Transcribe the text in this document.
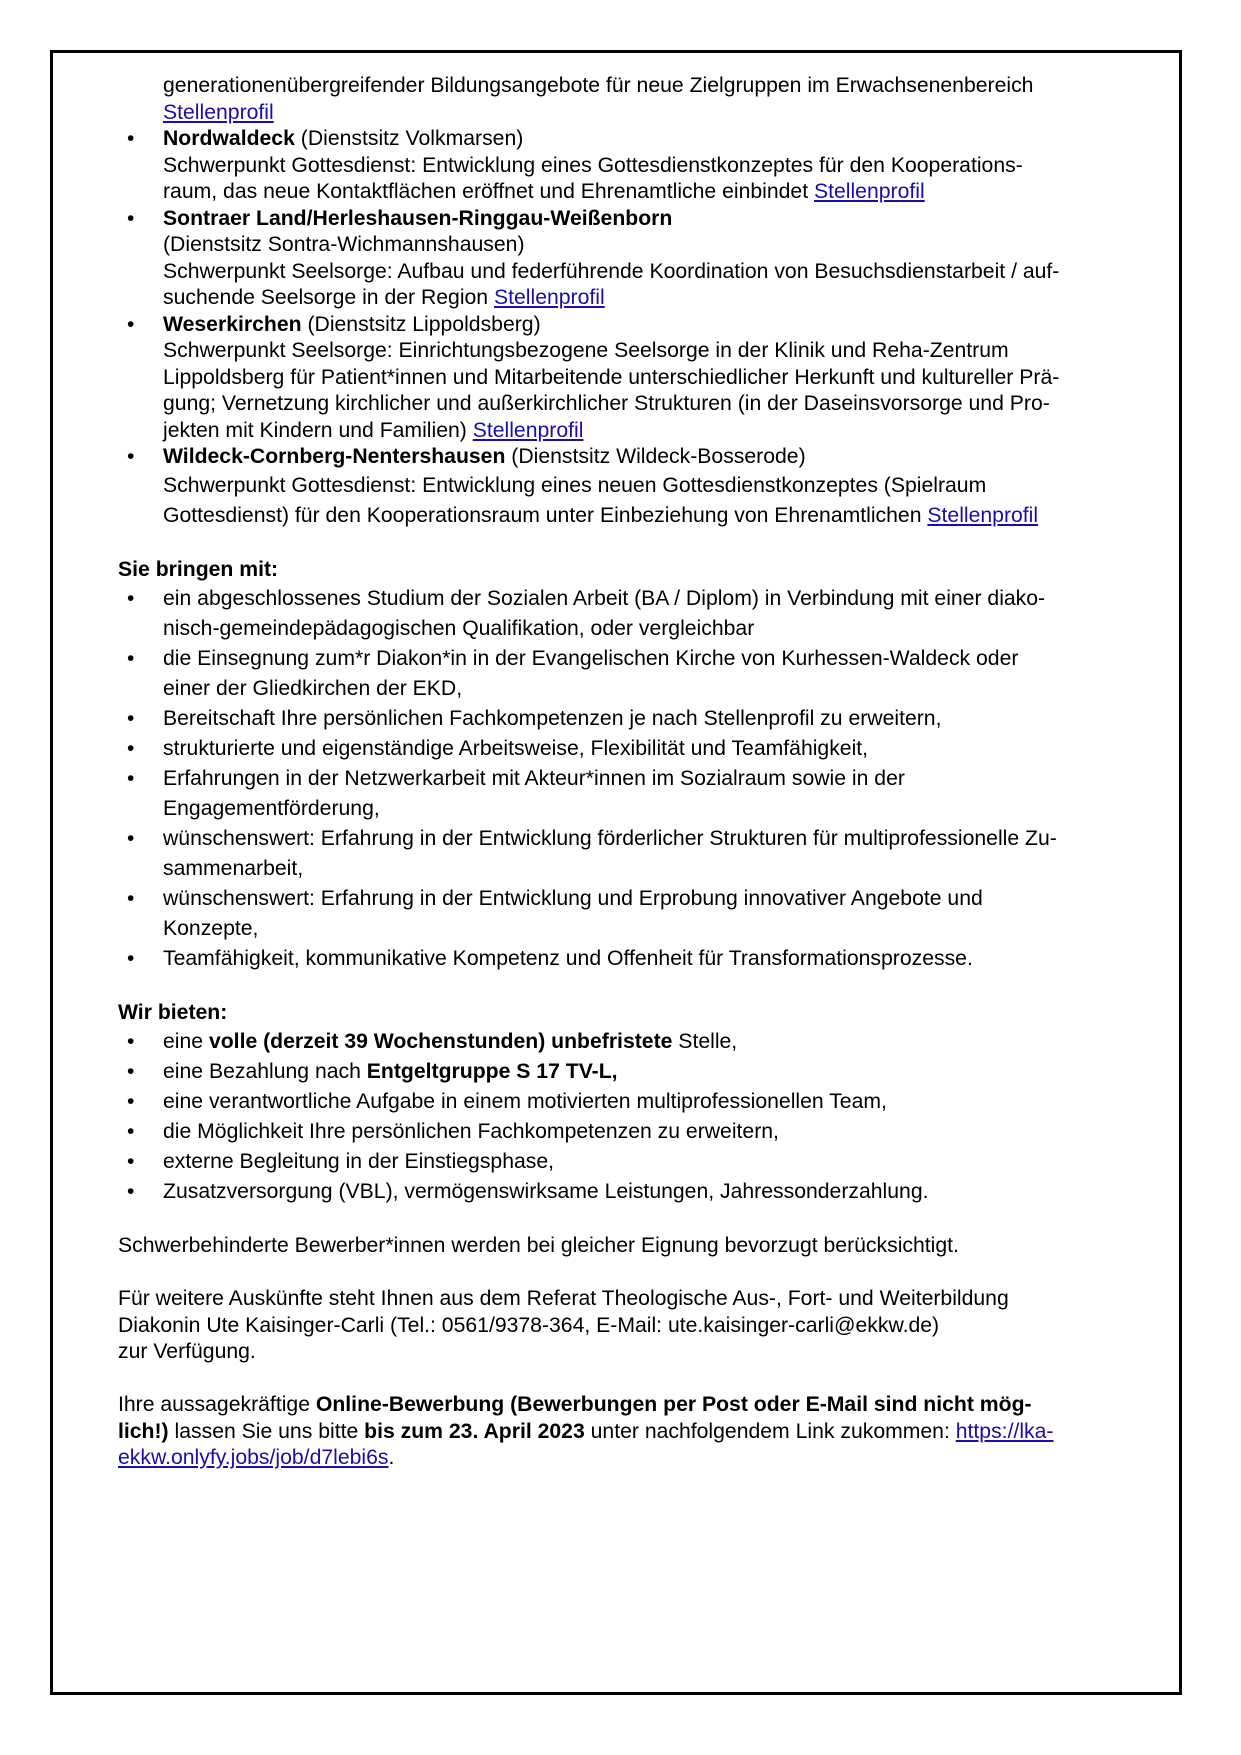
generationenübergreifender Bildungsangebote für neue Zielgruppen im Erwachsenenbereich

Stellenprofil

• Nordwaldeck (Dienstsitz Volkmarsen)

Schwerpunkt Gottesdienst: Entwicklung eines Gottesdienstkonzeptes für den Kooperations-

raum, das neue Kontaktflächen eröffnet und Ehrenamtliche einbindet Stellenprofil

• Sontraer Land/Herleshausen-Ringgau-Weißenborn

(Dienstsitz Sontra-Wichmannshausen)

Schwerpunkt Seelsorge: Aufbau und federführende Koordination von Besuchsdienstarbeit / auf-

suchende Seelsorge in der Region Stellenprofil

• Weserkirchen (Dienstsitz Lippoldsberg)

Schwerpunkt Seelsorge: Einrichtungsbezogene Seelsorge in der Klinik und Reha-Zentrum

Lippoldsberg für Patient*innen und Mitarbeitende unterschiedlicher Herkunft und kultureller Prä-

gung; Vernetzung kirchlicher und außerkirchlicher Strukturen (in der Daseinsvorsorge und Pro-

jekten mit Kindern und Familien) Stellenprofil

• Wildeck-Cornberg-Nentershausen (Dienstsitz Wildeck-Bosserode)

Schwerpunkt Gottesdienst: Entwicklung eines neuen Gottesdienstkonzeptes (Spielraum

Gottesdienst) für den Kooperationsraum unter Einbeziehung von Ehrenamtlichen Stellenprofil

Sie bringen mit:

• ein abgeschlossenes Studium der Sozialen Arbeit (BA / Diplom) in Verbindung mit einer diako-

nisch-gemeindepädagogischen Qualifikation, oder vergleichbar

• die Einsegnung zum*r Diakon*in in der Evangelischen Kirche von Kurhessen-Waldeck oder

einer der Gliedkirchen der EKD,

• Bereitschaft Ihre persönlichen Fachkompetenzen je nach Stellenprofil zu erweitern,

• strukturierte und eigenständige Arbeitsweise, Flexibilität und Teamfähigkeit,

• Erfahrungen in der Netzwerkarbeit mit Akteur*innen im Sozialraum sowie in der

Engagementförderung,

• wünschenswert: Erfahrung in der Entwicklung förderlicher Strukturen für multiprofessionelle Zu-

sammenarbeit,

• wünschenswert: Erfahrung in der Entwicklung und Erprobung innovativer Angebote und

Konzepte,

• Teamfähigkeit, kommunikative Kompetenz und Offenheit für Transformationsprozesse.

Wir bieten:

• eine volle (derzeit 39 Wochenstunden) unbefristete Stelle,
• eine Bezahlung nach Entgeltgruppe S 17 TV-L,
• eine verantwortliche Aufgabe in einem motivierten multiprofessionellen Team,
• die Möglichkeit Ihre persönlichen Fachkompetenzen zu erweitern,
• externe Begleitung in der Einstiegsphase,
• Zusatzversorgung (VBL), vermögenswirksame Leistungen, Jahressonderzahlung.

Schwerbehinderte Bewerber*innen werden bei gleicher Eignung bevorzugt berücksichtigt.

Für weitere Auskünfte steht Ihnen aus dem Referat Theologische Aus-, Fort- und Weiterbildung

Diakonin Ute Kaisinger-Carli (Tel.: 0561/9378-364, E-Mail: ute.kaisinger-carli@ekkw.de)

zur Verfügung.

Ihre aussagekräftige Online-Bewerbung (Bewerbungen per Post oder E-Mail sind nicht mög-

lich!) lassen Sie uns bitte bis zum 23. April 2023 unter nachfolgendem Link zukommen: https://lka-

ekkw.onlyfy.jobs/job/d7lebi6s.
